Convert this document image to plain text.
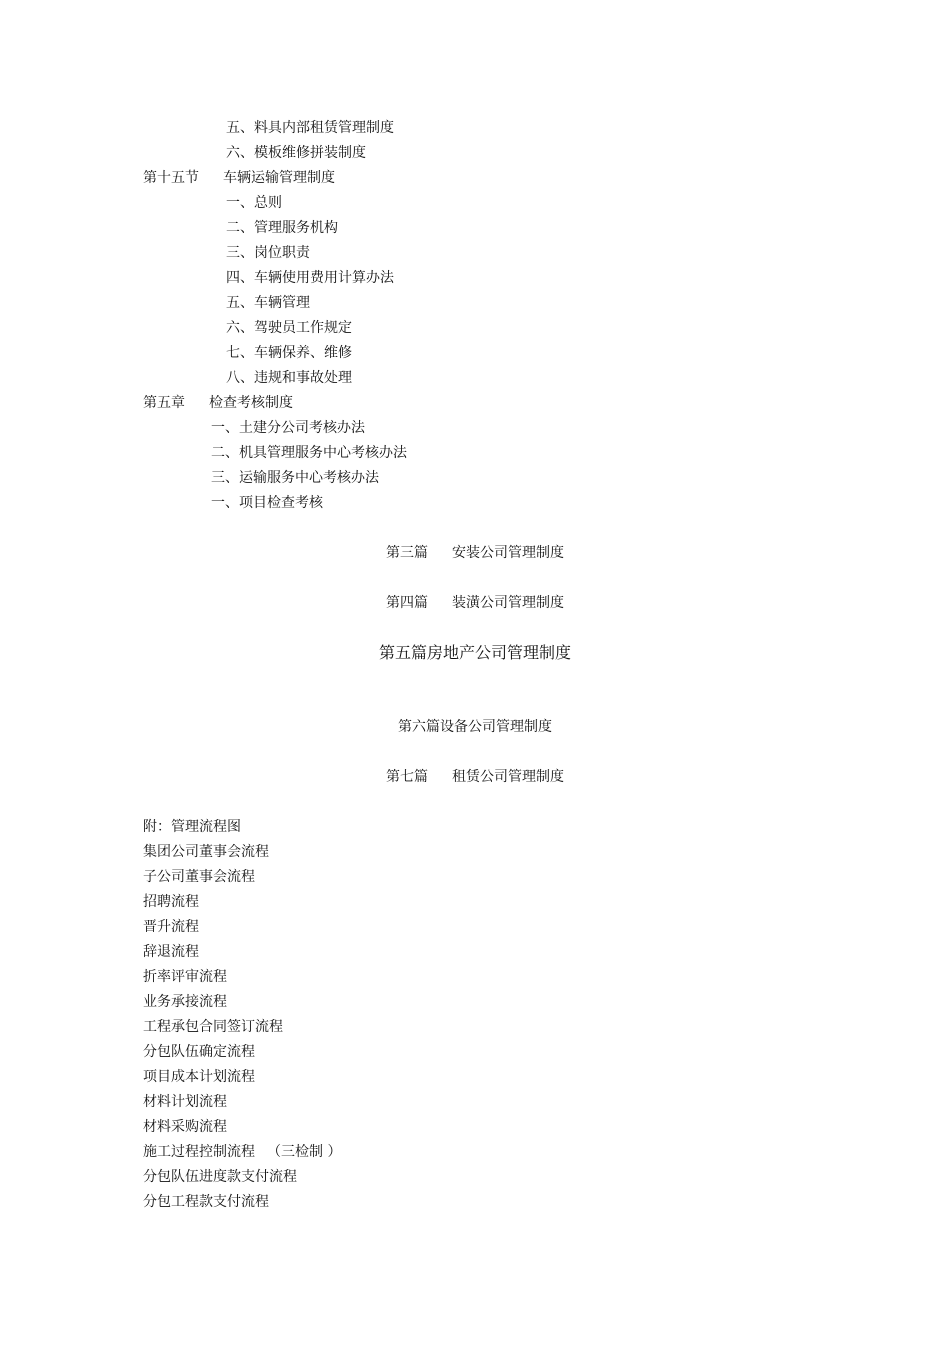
五、料具内部租赁管理制度
六、模板维修拼装制度
第十五节 车辆运输管理制度
一、总则
二、管理服务机构
三、岗位职责
四、车辆使用费用计算办法
五、车辆管理
六、驾驶员工作规定
七、车辆保养、维修
八、违规和事故处理
第五章 检查考核制度
一、土建分公司考核办法
二、机具管理服务中心考核办法
三、运输服务中心考核办法
一、项目检查考核
第三篇 安装公司管理制度
第四篇 装潢公司管理制度
第五篇房地产公司管理制度
第六篇设备公司管理制度
第七篇 租赁公司管理制度
附：管理流程图
集团公司董事会流程
子公司董事会流程
招聘流程
晋升流程
辞退流程
折率评审流程
业务承接流程
工程承包合同签订流程
分包队伍确定流程
项目成本计划流程
材料计划流程
材料采购流程
施工过程控制流程 （三检制 ）
分包队伍进度款支付流程
分包工程款支付流程
